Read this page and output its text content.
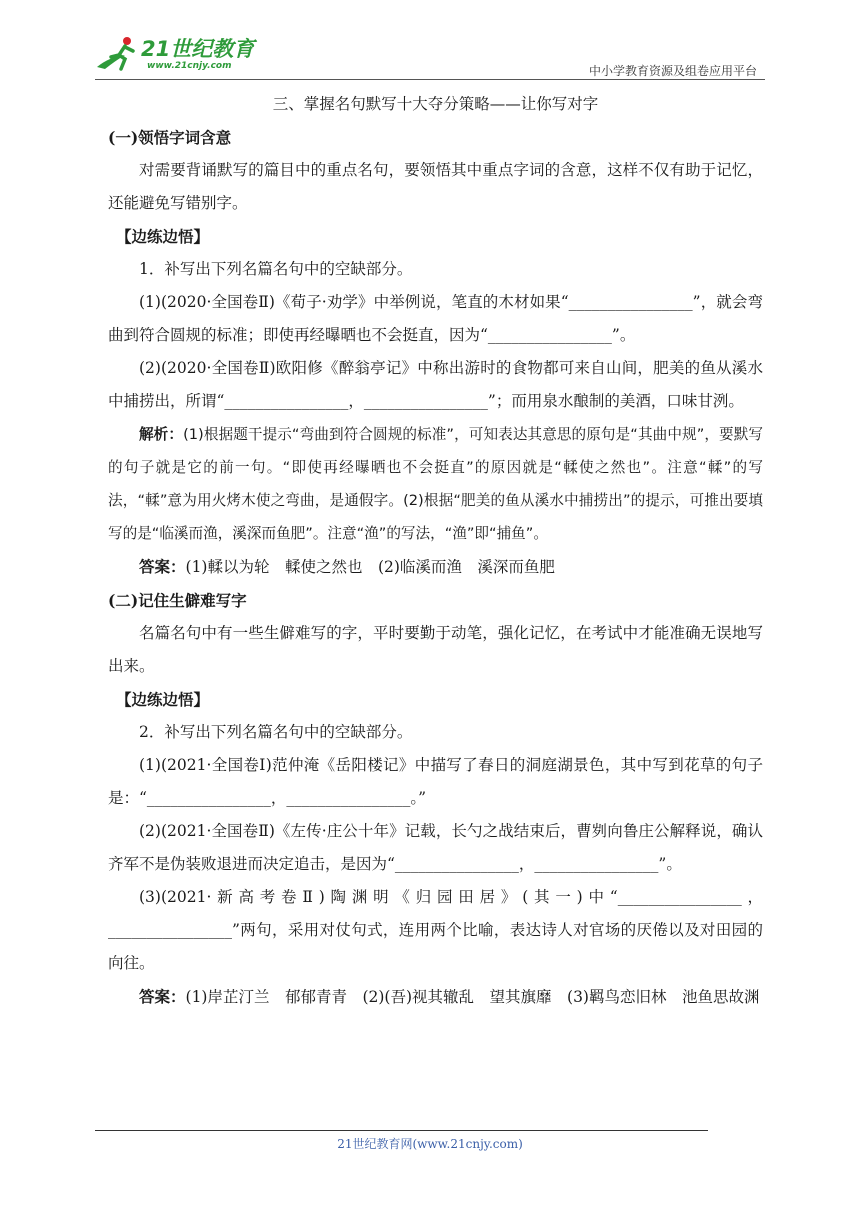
21世纪教育
www.21cnjy.com	中小学教育资源及组卷应用平台

三、掌握名句默写十大夺分策略——让你写对字

(一)领悟字词含意

对需要背诵默写的篇目中的重点名句，要领悟其中重点字词的含意，这样不仅有助于记忆，还能避免写错别字。

【边练边悟】

1．补写出下列名篇名句中的空缺部分。

(1)(2020·全国卷Ⅱ)《荀子·劝学》中举例说，笔直的木材如果“________________”，就会弯曲到符合圆规的标准；即使再经曝晒也不会挺直，因为“________________”。

(2)(2020·全国卷Ⅱ)欧阳修《醉翁亭记》中称出游时的食物都可来自山间，肥美的鱼从溪水中捕捞出，所谓“________________，________________”；而用泉水酿制的美酒，口味甘洌。

解析：(1)根据题干提示“弯曲到符合圆规的标准”，可知表达其意思的原句是“其曲中规”，要默写的句子就是它的前一句。“即使再经曝晒也不会挺直”的原因就是“輮使之然也”。注意“輮”的写法，“輮”意为用火烤木使之弯曲，是通假字。(2)根据“肥美的鱼从溪水中捕捞出”的提示，可推出要填写的是“临溪而渔，溪深而鱼肥”。注意“渔”的写法，“渔”即“捕鱼”。

答案：(1)輮以为轮　輮使之然也　(2)临溪而渔　溪深而鱼肥

(二)记住生僻难写字

名篇名句中有一些生僻难写的字，平时要勤于动笔，强化记忆，在考试中才能准确无误地写出来。

【边练边悟】

2．补写出下列名篇名句中的空缺部分。

(1)(2021·全国卷Ⅰ)范仲淹《岳阳楼记》中描写了春日的洞庭湖景色，其中写到花草的句子是：“________________，________________。”

(2)(2021·全国卷Ⅱ)《左传·庄公十年》记载，长勺之战结束后，曹刿向鲁庄公解释说，确认齐军不是伪装败退进而决定追击，是因为“________________，________________”。

(3)(2021·新高考卷Ⅱ)陶渊明《归园田居》(其一)中“________________，________________”两句，采用对仗句式，连用两个比喻，表达诗人对官场的厌倦以及对田园的向往。

答案：(1)岸芷汀兰　郁郁青青　(2)(吾)视其辙乱　望其旗靡　(3)羁鸟恋旧林　池鱼思故渊

21世纪教育网(www.21cnjy.com)
